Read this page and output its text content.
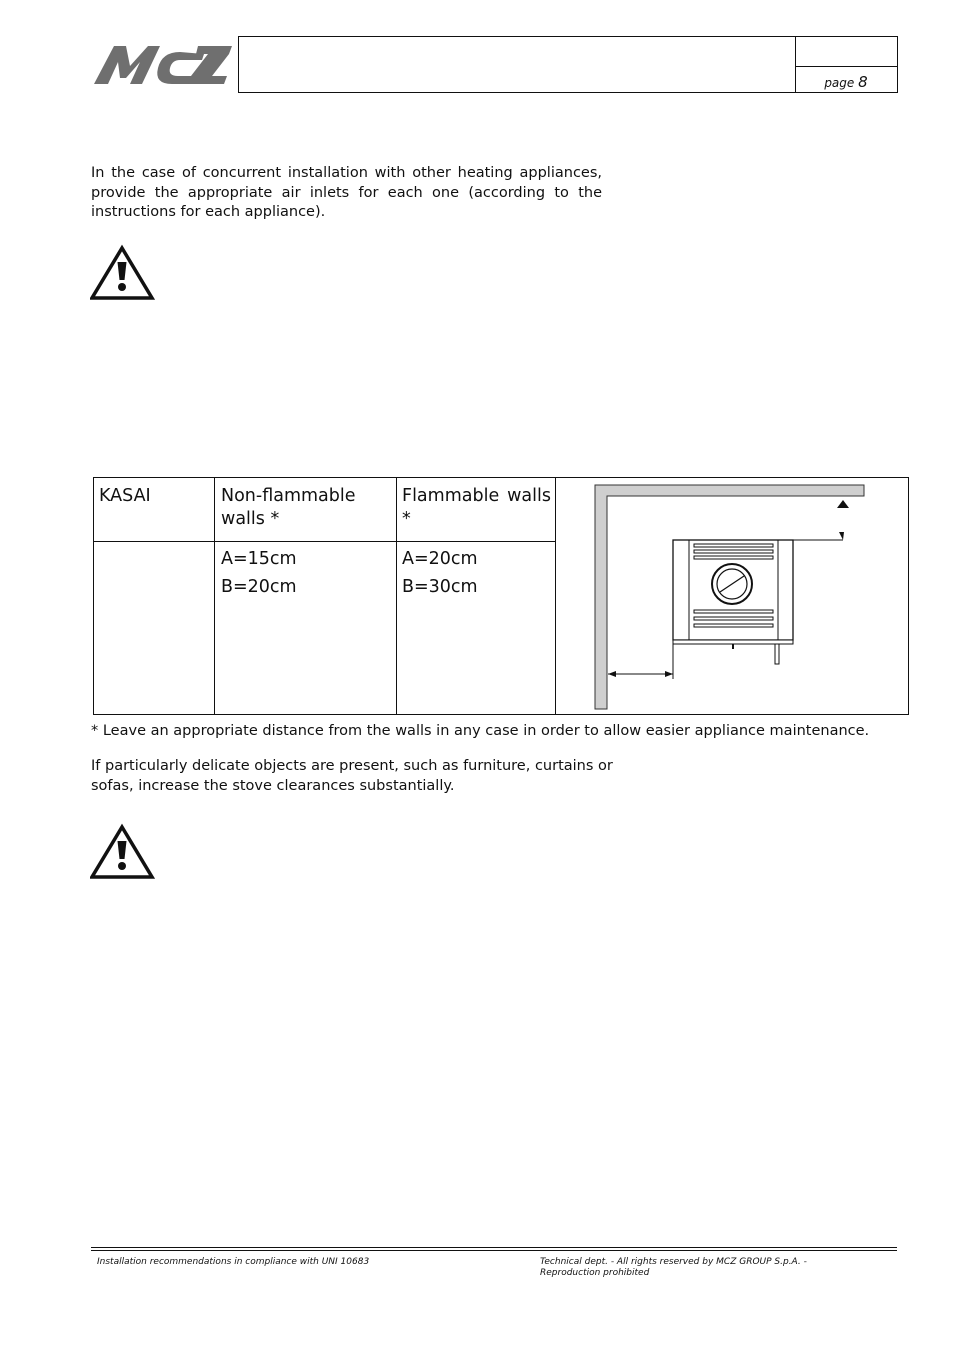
page 8
In the case of concurrent installation with other heating appliances, provide the appropriate air inlets for each one (according to the instructions for each appliance).
KASAI	Non-flammable walls *
Flammable walls *
A=15cm
B=20cm
A=20cm
B=30cm
* Leave an appropriate distance from the walls in any case in order to allow easier appliance maintenance.
If particularly delicate objects are present, such as furniture, curtains or sofas, increase the stove clearances substantially.
Installation recommendations in compliance with UNI 10683	Technical dept. - All rights reserved by MCZ GROUP S.p.A. - Reproduction prohibited
